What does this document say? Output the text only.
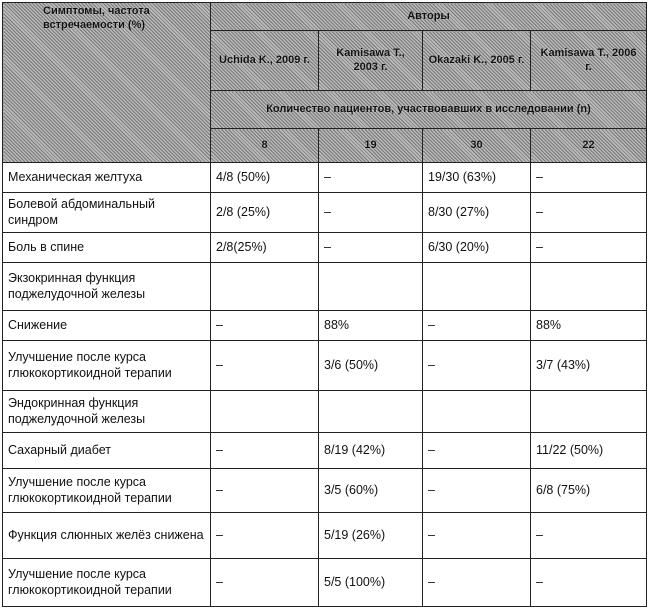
Симптомы, частота встречаемости (%)	Авторы			
	Uchida K., 2009 г.	Kamisawa T., 2003 г.	Okazaki K., 2005 г.	Kamisawa T., 2006 г.
	Количество пациентов, участвовавших в исследовании (n)			
	8	19	30	22
Механическая желтуха	4/8 (50%)	–	19/30 (63%)	–
Болевой абдоминальный синдром	2/8 (25%)	–	8/30 (27%)	–
Боль в спине	2/8(25%)	–	6/30 (20%)	–
Экзокринная функция поджелудочной железы				
Снижение	–	88%	–	88%
Улучшение после курса глюкокортикоидной терапии	–	3/6 (50%)	–	3/7 (43%)
Эндокринная функция поджелудочной железы				
Сахарный диабет	–	8/19 (42%)	–	11/22 (50%)
Улучшение после курса глюкокортикоидной терапии	–	3/5 (60%)	–	6/8 (75%)
Функция слюнных желёз снижена	–	5/19 (26%)	–	–
Улучшение после курса глюкокортикоидной терапии	–	5/5 (100%)	–	–
